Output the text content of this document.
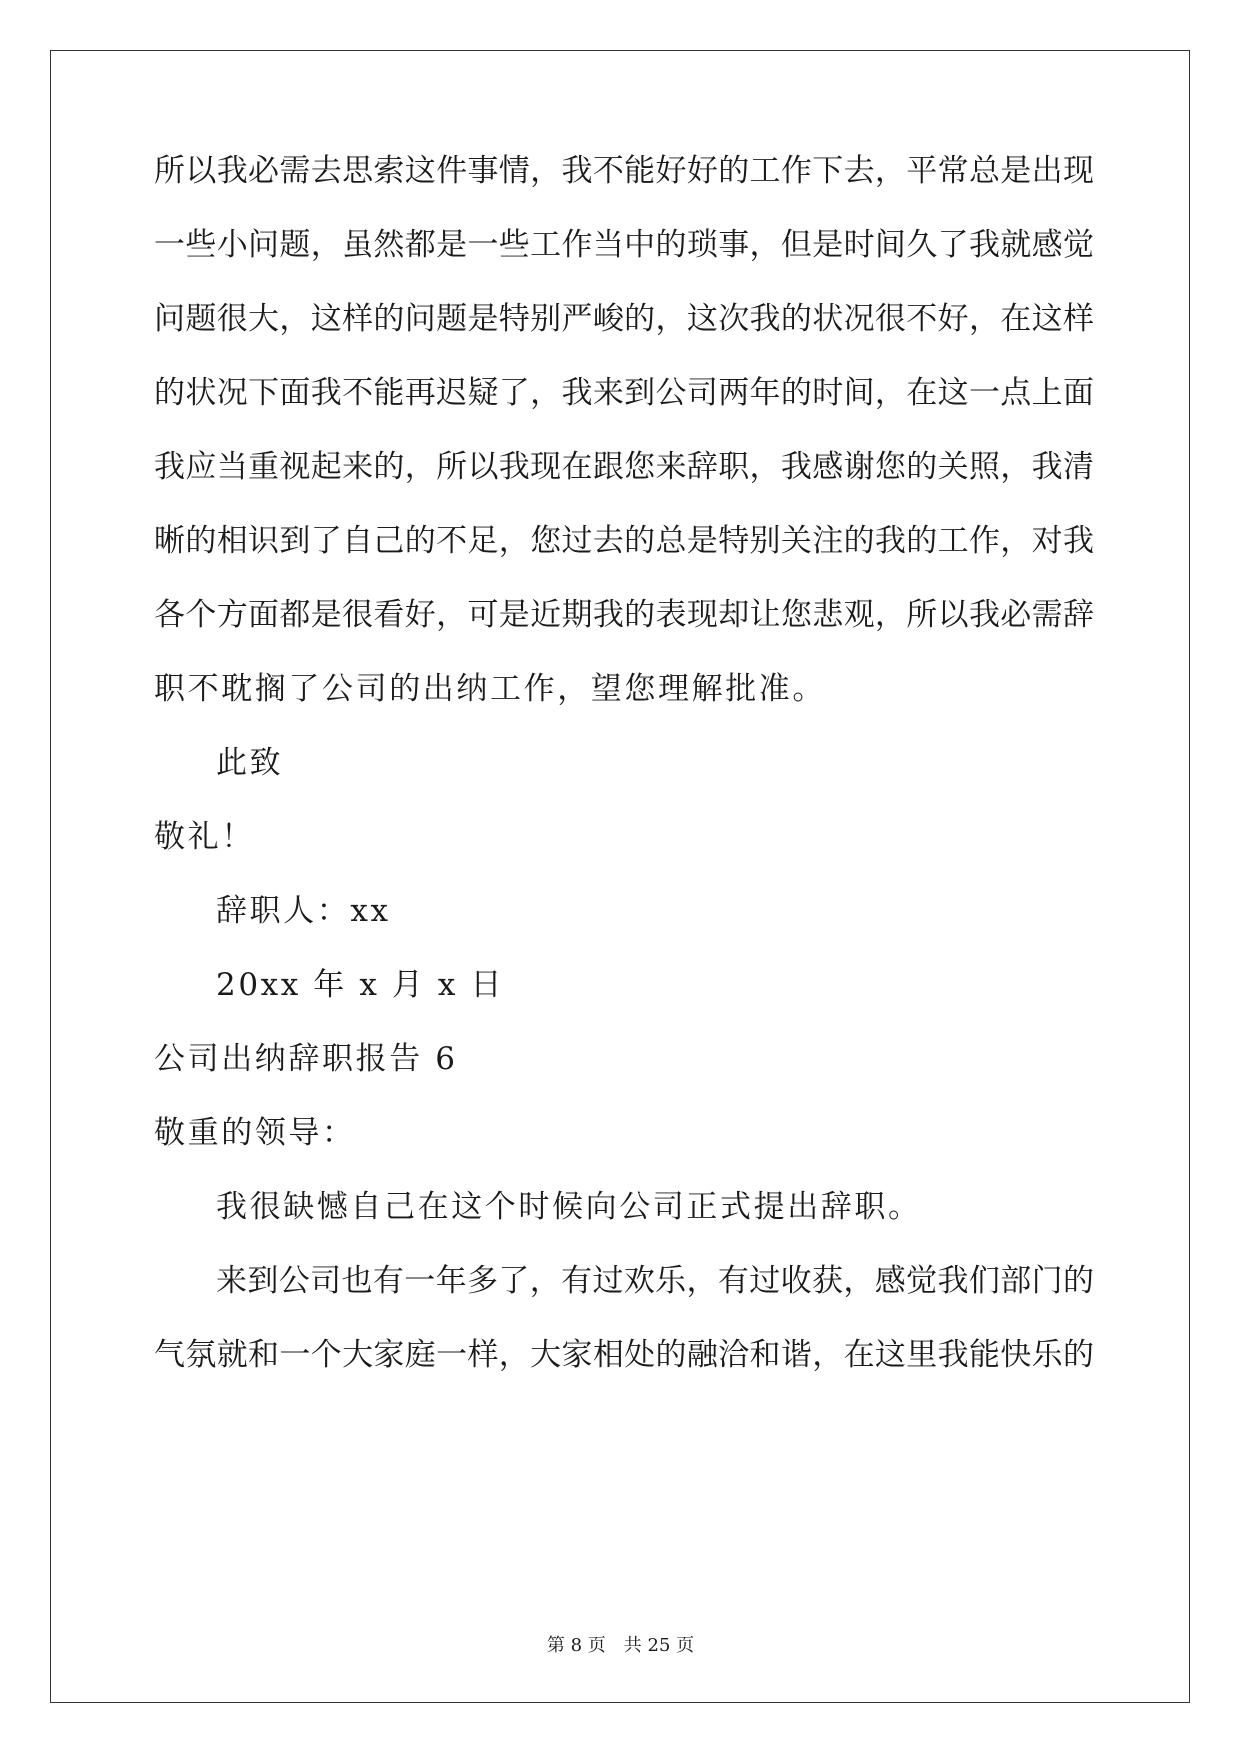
所以我必需去思索这件事情，我不能好好的工作下去，平常总是出现
一些小问题，虽然都是一些工作当中的琐事，但是时间久了我就感觉
问题很大，这样的问题是特别严峻的，这次我的状况很不好，在这样
的状况下面我不能再迟疑了，我来到公司两年的时间，在这一点上面
我应当重视起来的，所以我现在跟您来辞职，我感谢您的关照，我清
晰的相识到了自己的不足，您过去的总是特别关注的我的工作，对我
各个方面都是很看好，可是近期我的表现却让您悲观，所以我必需辞
职不耽搁了公司的出纳工作，望您理解批准。
此致
敬礼！
辞职人：xx
20xx 年 x 月 x 日
公司出纳辞职报告 6
敬重的领导：
我很缺憾自己在这个时候向公司正式提出辞职。
来到公司也有一年多了，有过欢乐，有过收获，感觉我们部门的
气氛就和一个大家庭一样，大家相处的融洽和谐，在这里我能快乐的
第 8 页　共 25 页
